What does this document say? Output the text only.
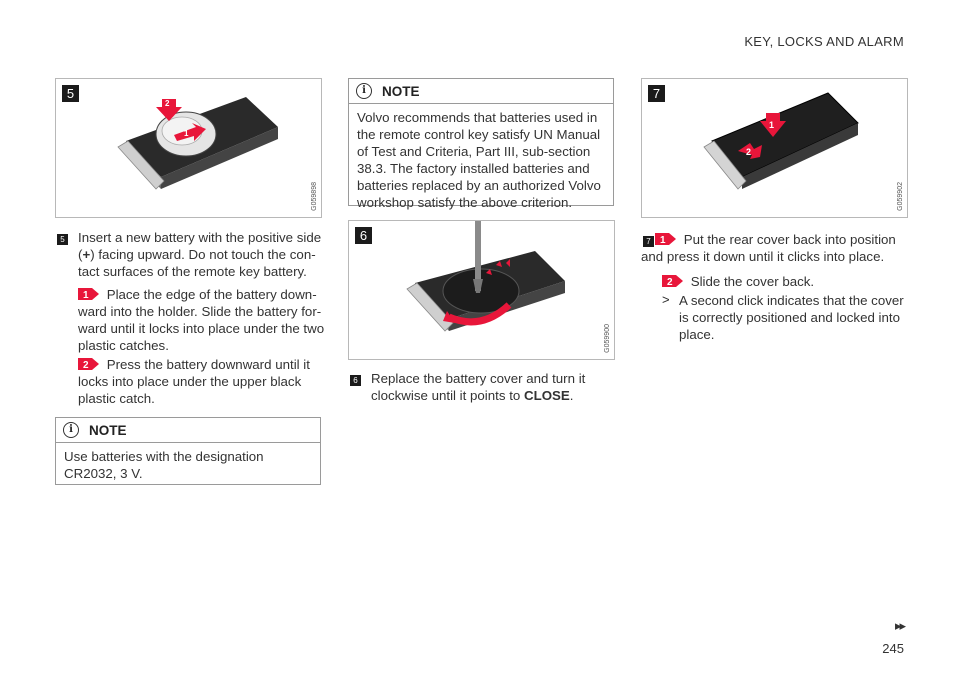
KEY, LOCKS AND ALARM
5
G059898
2
1
5 Insert a new battery with the positive side
(+) facing upward. Do not touch the con-
tact surfaces of the remote key battery.
1 Place the edge of the battery down-
ward into the holder. Slide the battery for-
ward until it locks into place under the two
plastic catches.
2 Press the battery downward until it
locks into place under the upper black
plastic catch.
i	NOTE
Use batteries with the designation
CR2032, 3 V.
i	NOTE
Volvo recommends that batteries used in
the remote control key satisfy UN Manual
of Test and Criteria, Part III, sub-section
38.3. The factory installed batteries and
batteries replaced by an authorized Volvo
workshop satisfy the above criterion.
6
G059900
6 Replace the battery cover and turn it
clockwise until it points to CLOSE.
7
G059902
1
2
7 1 Put the rear cover back into position
and press it down until it clicks into place.
2 Slide the cover back.
> A second click indicates that the cover
is correctly positioned and locked into
place.
▸▸
245
